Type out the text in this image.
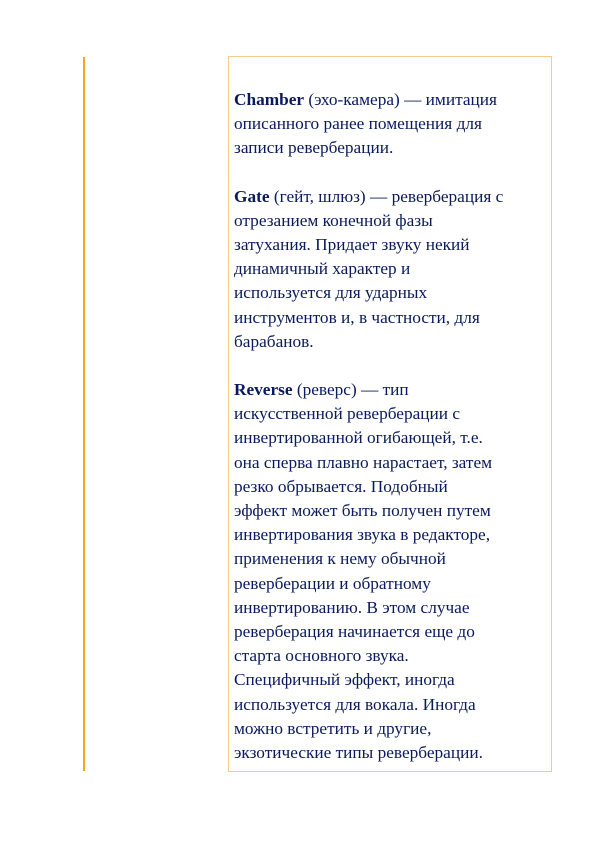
Chamber (эхо-камера) — имитация
описанного ранее помещения для
записи реверберации.

Gate (гейт, шлюз) — реверберация с
отрезанием конечной фазы
затухания. Придает звуку некий
динамичный характер и
используется для ударных
инструментов и, в частности, для
барабанов.

Reverse (реверс) — тип
искусственной реверберации с
инвертированной огибающей, т.е.
она сперва плавно нарастает, затем
резко обрывается. Подобный
эффект может быть получен путем
инвертирования звука в редакторе,
применения к нему обычной
реверберации и обратному
инвертированию. В этом случае
реверберация начинается еще до
старта основного звука.
Специфичный эффект, иногда
используется для вокала. Иногда
можно встретить и другие,
экзотические типы реверберации.
